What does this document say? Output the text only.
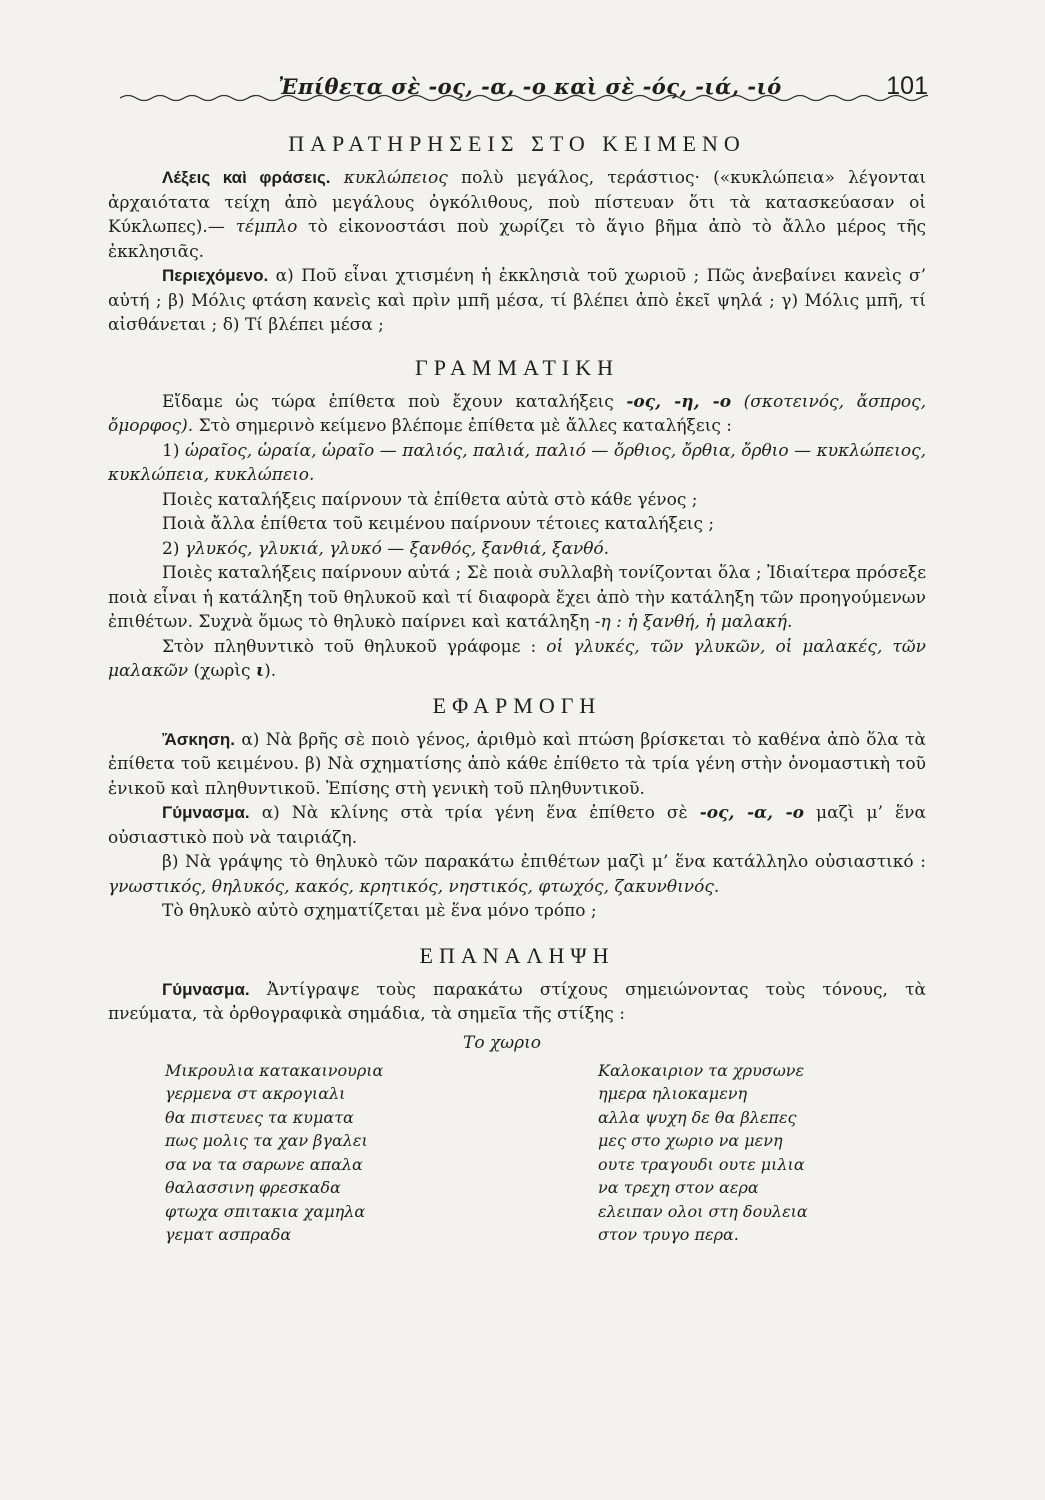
Ἐπίθετα σὲ -ος, -α, -ο καὶ σὲ -ός, -ιά, -ιό	101
ΠΑΡΑΤΗΡΗΣΕΙΣ ΣΤΟ ΚΕΙΜΕΝΟ

Λέξεις καὶ φράσεις. κυκλώπειος πολὺ μεγάλος, τεράστιος· («κυκλώπεια» λέγονται ἀρχαιότατα τείχη ἀπὸ μεγάλους ὀγκόλιθους, ποὺ πίστευαν ὅτι τὰ κατασκεύασαν οἱ Κύκλωπες).— τέμπλο τὸ εἰκονοστάσι ποὺ χωρίζει τὸ ἅγιο βῆμα ἀπὸ τὸ ἄλλο μέρος τῆς ἐκκλησιᾶς.

Περιεχόμενο. α) Ποῦ εἶναι χτισμένη ἡ ἐκκλησιὰ τοῦ χωριοῦ ; Πῶς ἀνεβαίνει κανεὶς σ’ αὐτή ; β) Μόλις φτάση κανεὶς καὶ πρὶν μπῆ μέσα, τί βλέπει ἀπὸ ἐκεῖ ψηλά ; γ) Μόλις μπῆ, τί αἰσθάνεται ; δ) Τί βλέπει μέσα ;

ΓΡΑΜΜΑΤΙΚΗ

Εἴδαμε ὡς τώρα ἐπίθετα ποὺ ἔχουν καταλήξεις -ος, -η, -ο (σκοτεινός, ἄσπρος, ὄμορφος). Στὸ σημερινὸ κείμενο βλέπομε ἐπίθετα μὲ ἄλλες καταλήξεις :

1) ὡραῖος, ὡραία, ὡραῖο — παλιός, παλιά, παλιό — ὄρθιος, ὄρθια, ὄρθιο — κυκλώπειος, κυκλώπεια, κυκλώπειο.

Ποιὲς καταλήξεις παίρνουν τὰ ἐπίθετα αὐτὰ στὸ κάθε γένος ;

Ποιὰ ἄλλα ἐπίθετα τοῦ κειμένου παίρνουν τέτοιες καταλήξεις ;

2) γλυκός, γλυκιά, γλυκό — ξανθός, ξανθιά, ξανθό.

Ποιὲς καταλήξεις παίρνουν αὐτά ; Σὲ ποιὰ συλλαβὴ τονίζονται ὅλα ; Ἰδιαίτερα πρόσεξε ποιὰ εἶναι ἡ κατάληξη τοῦ θηλυκοῦ καὶ τί διαφορὰ ἔχει ἀπὸ τὴν κατάληξη τῶν προηγούμενων ἐπιθέτων. Συχνὰ ὅμως τὸ θηλυκὸ παίρνει καὶ κατάληξη -η : ἡ ξανθή, ἡ μαλακή.

Στὸν πληθυντικὸ τοῦ θηλυκοῦ γράφομε : οἱ γλυκές, τῶν γλυκῶν, οἱ μαλακές, τῶν μαλακῶν (χωρὶς ι).

ΕΦΑΡΜΟΓΗ

Ἄσκηση. α) Νὰ βρῆς σὲ ποιὸ γένος, ἀριθμὸ καὶ πτώση βρίσκεται τὸ καθένα ἀπὸ ὅλα τὰ ἐπίθετα τοῦ κειμένου. β) Νὰ σχηματίσης ἀπὸ κάθε ἐπίθετο τὰ τρία γένη στὴν ὀνομαστικὴ τοῦ ἑνικοῦ καὶ πληθυντικοῦ. Ἐπίσης στὴ γενικὴ τοῦ πληθυντικοῦ.

Γύμνασμα. α) Νὰ κλίνης στὰ τρία γένη ἕνα ἐπίθετο σὲ -ος, -α, -ο μαζὶ μ’ ἕνα οὐσιαστικὸ ποὺ νὰ ταιριάζη.

β) Νὰ γράψης τὸ θηλυκὸ τῶν παρακάτω ἐπιθέτων μαζὶ μ’ ἕνα κατάλληλο οὐσιαστικό : γνωστικός, θηλυκός, κακός, κρητικός, νηστικός, φτωχός, ζακυνθινός.

Τὸ θηλυκὸ αὐτὸ σχηματίζεται μὲ ἕνα μόνο τρόπο ;

ΕΠΑΝΑΛΗΨΗ

Γύμνασμα. Ἀντίγραψε τοὺς παρακάτω στίχους σημειώνοντας τοὺς τόνους, τὰ πνεύματα, τὰ ὀρθογραφικὰ σημάδια, τὰ σημεῖα τῆς στίξης :

Το χωριο
Μικρουλια κατακαινουρια
γερμενα στ ακρογιαλι
θα πιστευες τα κυματα
πως μολις τα χαν βγαλει
σα να τα σαρωνε απαλα
θαλασσινη φρεσκαδα
φτωχα σπιτακια χαμηλα
γεματ ασπραδα
Καλοκαιριον τα χρυσωνε
ημερα ηλιοκαμενη
αλλα ψυχη δε θα βλεπες
μες στο χωριο να μενη
ουτε τραγουδι ουτε μιλια
να τρεχη στον αερα
ελειπαν ολοι στη δουλεια
στον τρυγο περα.
